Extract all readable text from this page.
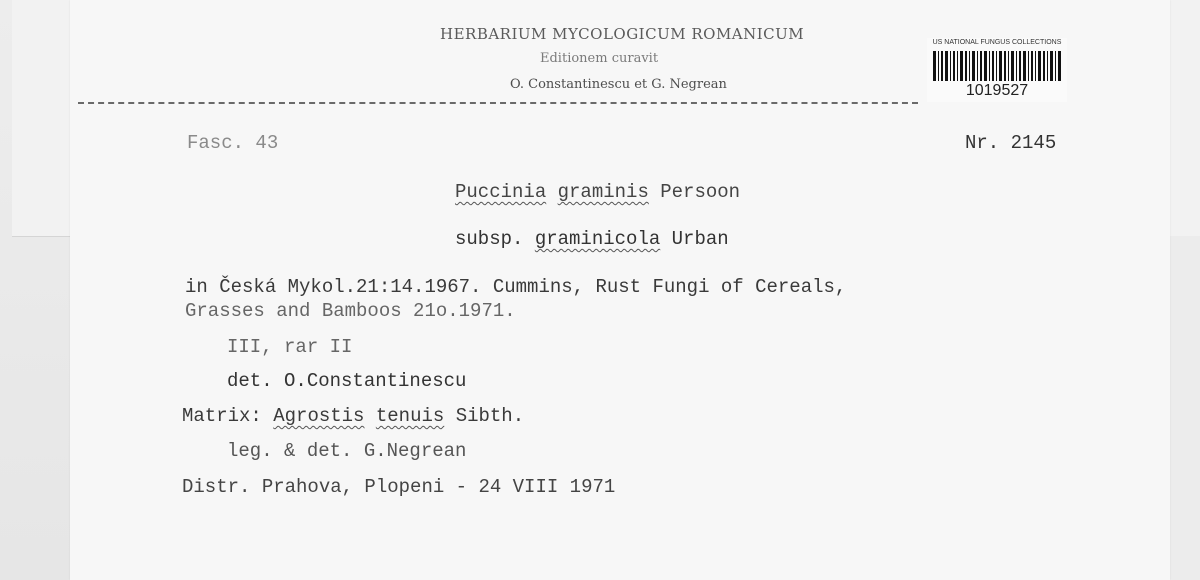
HERBARIUM MYCOLOGICUM ROMANICUM
Editionem curavit
O. Constantinescu et G. Negrean
US NATIONAL FUNGUS COLLECTIONS
1019527
Fasc. 43	Nr. 2145
Puccinia graminis Persoon
subsp. graminicola Urban
in Česká Mykol.21:14.1967. Cummins, Rust Fungi of Cereals,
Grasses and Bamboos 21o.1971.
III, rar II
det. O.Constantinescu
Matrix: Agrostis tenuis Sibth.
leg. & det. G.Negrean
Distr. Prahova, Plopeni - 24 VIII 1971
